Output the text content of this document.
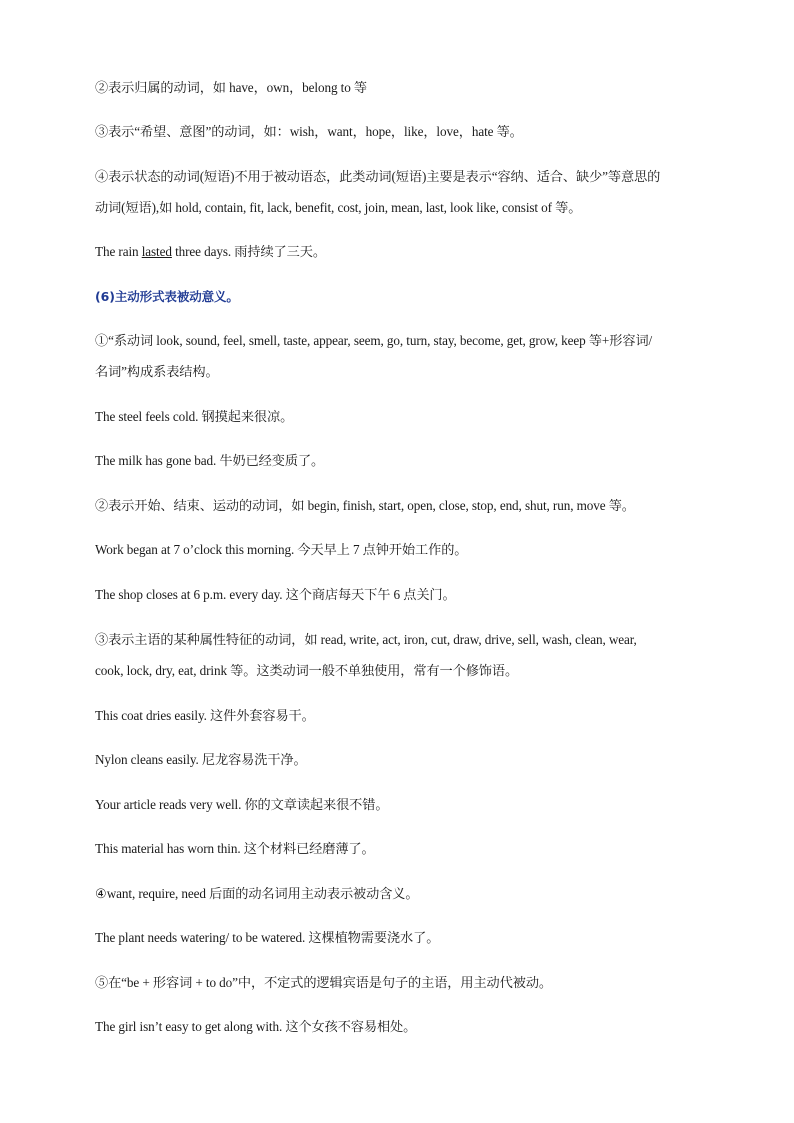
②表示归属的动词，如 have，own，belong to 等
③表示“希望、意图”的动词，如：wish，want，hope，like，love，hate 等。
④表示状态的动词(短语)不用于被动语态，此类动词(短语)主要是表示“容纳、适合、缺少”等意思的
动词(短语),如 hold, contain, fit, lack, benefit, cost, join, mean, last, look like, consist of 等。
The rain lasted three days. 雨持续了三天。
(6)主动形式表被动意义。
①“系动词 look, sound, feel, smell, taste, appear, seem, go, turn, stay, become, get, grow, keep 等+形容词/
名词”构成系表结构。
The steel feels cold. 钢摸起来很凉。
The milk has gone bad. 牛奶已经变质了。
②表示开始、结束、运动的动词，如 begin, finish, start, open, close, stop, end, shut, run, move 等。
Work began at 7 o’clock this morning. 今天早上 7 点钟开始工作的。
The shop closes at 6 p.m. every day. 这个商店每天下午 6 点关门。
③表示主语的某种属性特征的动词，如 read, write, act, iron, cut, draw, drive, sell, wash, clean, wear,
cook, lock, dry, eat, drink 等。这类动词一般不单独使用，常有一个修饰语。
This coat dries easily. 这件外套容易干。
Nylon cleans easily. 尼龙容易洗干净。
Your article reads very well. 你的文章读起来很不错。
This material has worn thin. 这个材料已经磨薄了。
④want, require, need 后面的动名词用主动表示被动含义。
The plant needs watering/ to be watered. 这棵植物需要浇水了。
⑤在“be + 形容词 + to do”中，不定式的逻辑宾语是句子的主语，用主动代被动。
The girl isn’t easy to get along with. 这个女孩不容易相处。
